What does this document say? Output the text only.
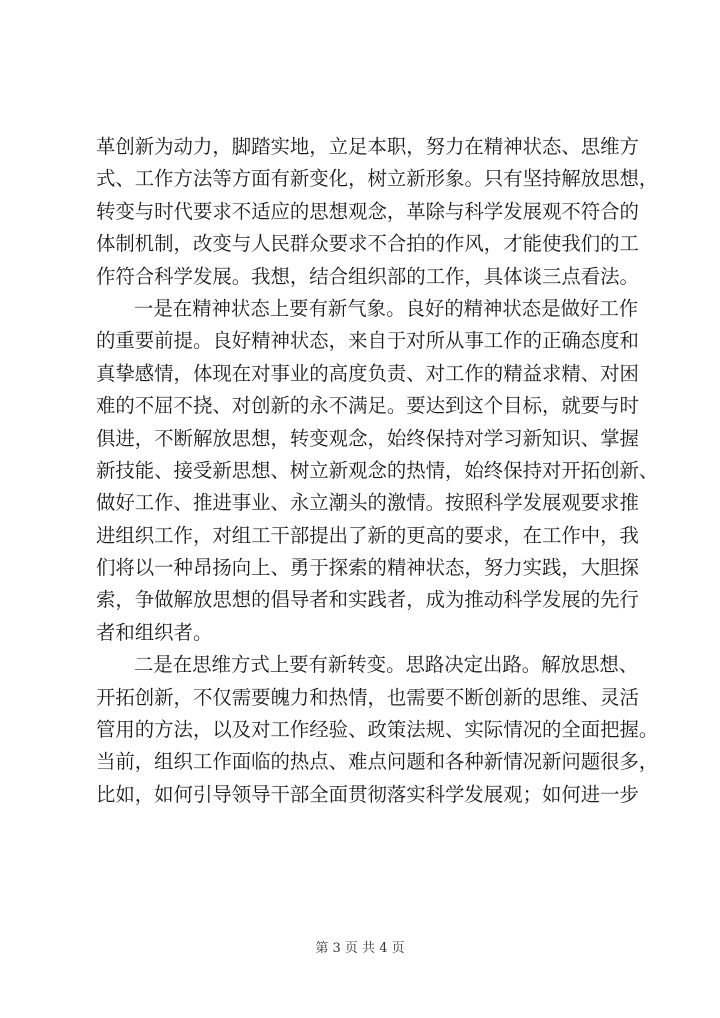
革创新为动力，脚踏实地，立足本职，努力在精神状态、思维方
式、工作方法等方面有新变化，树立新形象。只有坚持解放思想，
转变与时代要求不适应的思想观念，革除与科学发展观不符合的
体制机制，改变与人民群众要求不合拍的作风，才能使我们的工
作符合科学发展。我想，结合组织部的工作，具体谈三点看法。
一是在精神状态上要有新气象。良好的精神状态是做好工作
的重要前提。良好精神状态，来自于对所从事工作的正确态度和
真挚感情，体现在对事业的高度负责、对工作的精益求精、对困
难的不屈不挠、对创新的永不满足。要达到这个目标，就要与时
俱进，不断解放思想，转变观念，始终保持对学习新知识、掌握
新技能、接受新思想、树立新观念的热情，始终保持对开拓创新、
做好工作、推进事业、永立潮头的激情。按照科学发展观要求推
进组织工作，对组工干部提出了新的更高的要求，在工作中，我
们将以一种昂扬向上、勇于探索的精神状态，努力实践，大胆探
索，争做解放思想的倡导者和实践者，成为推动科学发展的先行
者和组织者。
二是在思维方式上要有新转变。思路决定出路。解放思想、
开拓创新，不仅需要魄力和热情，也需要不断创新的思维、灵活
管用的方法，以及对工作经验、政策法规、实际情况的全面把握。
当前，组织工作面临的热点、难点问题和各种新情况新问题很多，
比如，如何引导领导干部全面贯彻落实科学发展观；如何进一步
第 3 页 共 4 页
